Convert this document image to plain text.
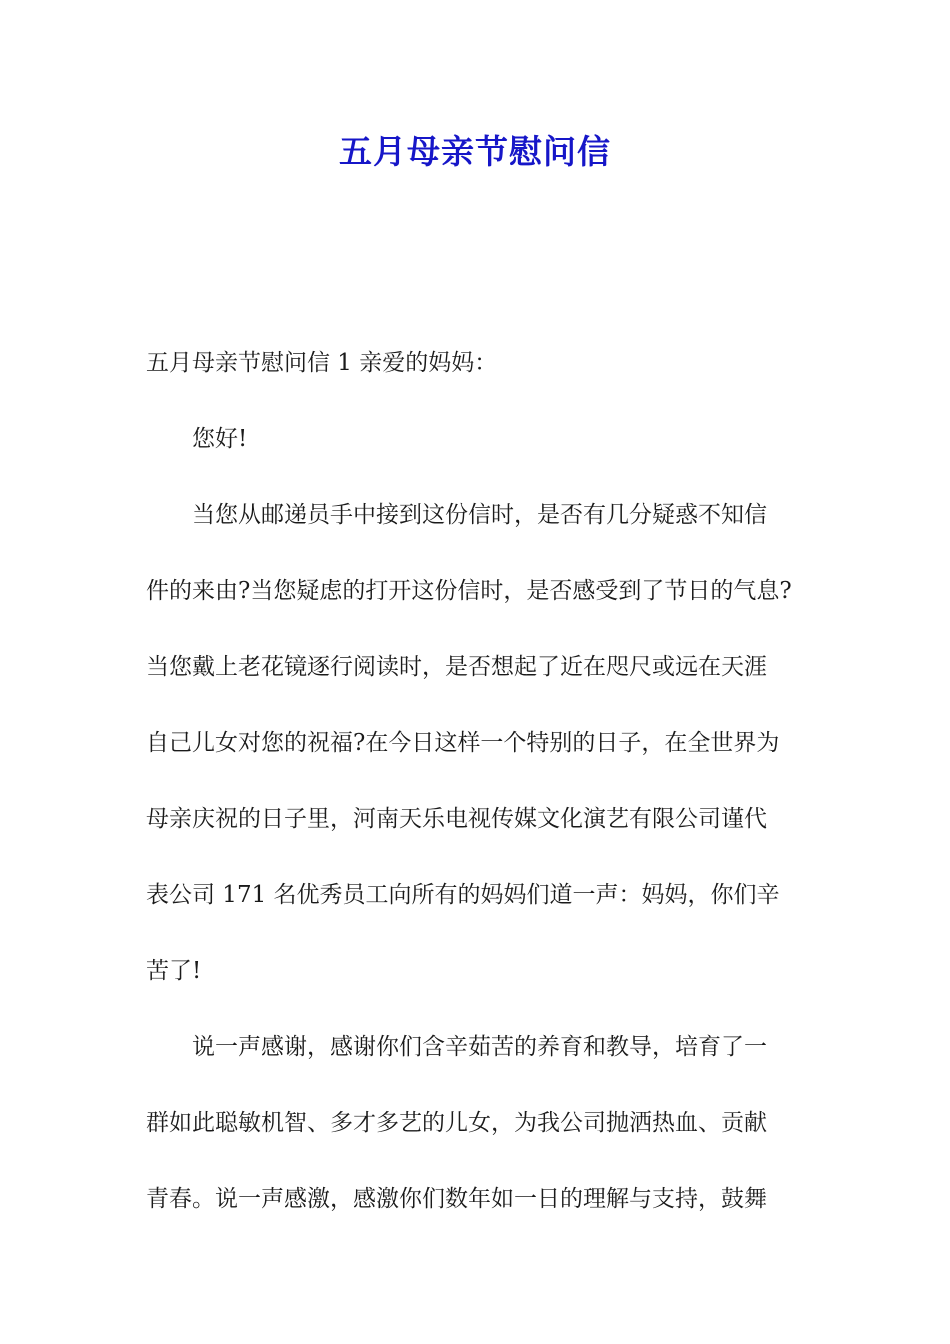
五月母亲节慰问信
五月母亲节慰问信 1 亲爱的妈妈：
您好!
当您从邮递员手中接到这份信时，是否有几分疑惑不知信
件的来由?当您疑虑的打开这份信时，是否感受到了节日的气息?
当您戴上老花镜逐行阅读时，是否想起了近在咫尺或远在天涯
自己儿女对您的祝福?在今日这样一个特别的日子，在全世界为
母亲庆祝的日子里，河南天乐电视传媒文化演艺有限公司谨代
表公司 171 名优秀员工向所有的妈妈们道一声：妈妈，你们辛
苦了!
说一声感谢，感谢你们含辛茹苦的养育和教导，培育了一
群如此聪敏机智、多才多艺的儿女，为我公司抛洒热血、贡献
青春。说一声感激，感激你们数年如一日的理解与支持，鼓舞
